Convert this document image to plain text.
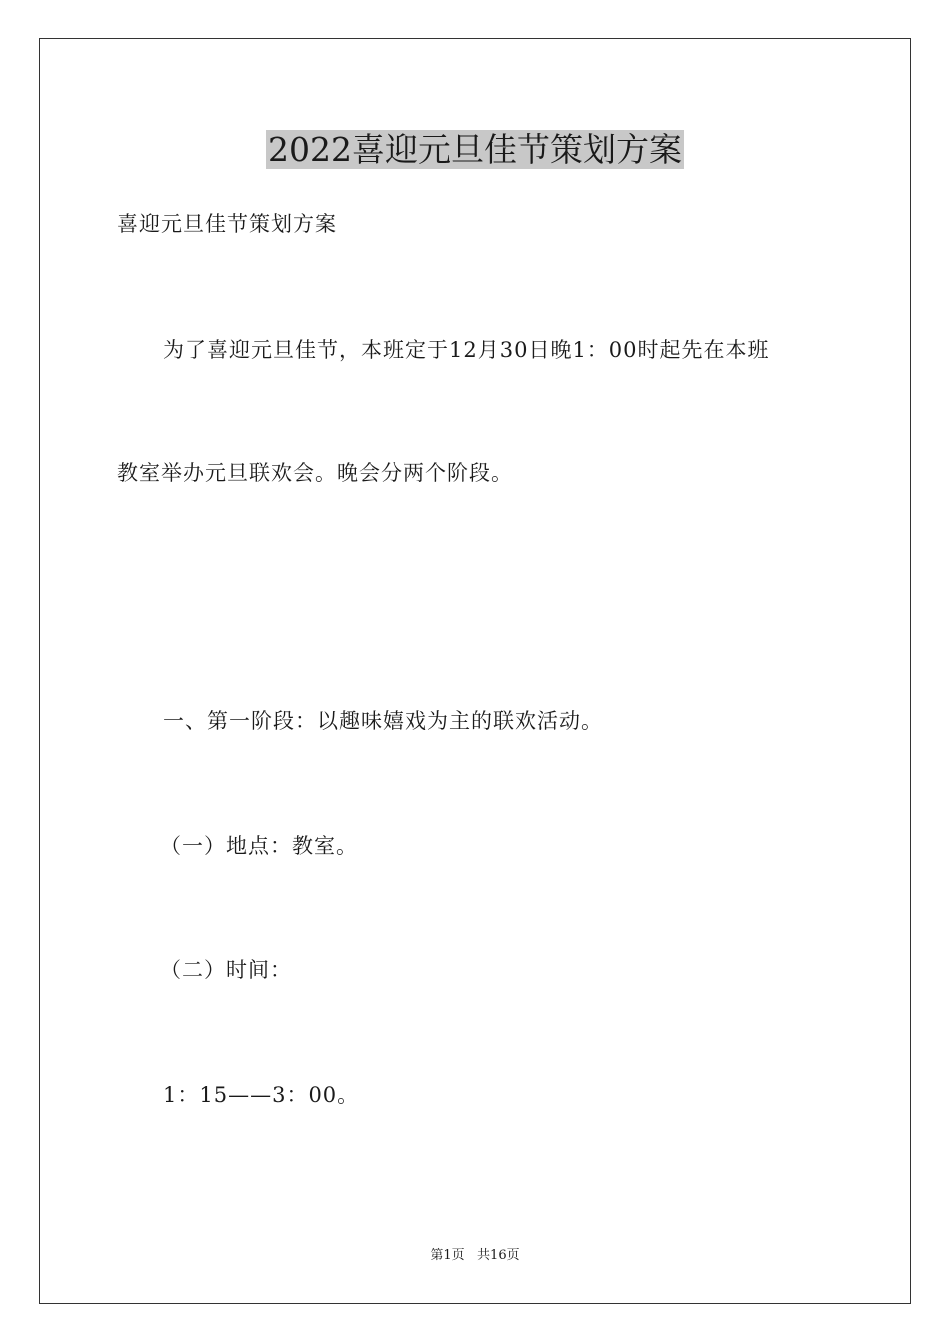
2022喜迎元旦佳节策划方案
喜迎元旦佳节策划方案
为了喜迎元旦佳节，本班定于12月30日晚1：00时起先在本班
教室举办元旦联欢会。晚会分两个阶段。
一、第一阶段：以趣味嬉戏为主的联欢活动。
（一）地点：教室。
（二）时间：
1：15——3：00。
第1页   共16页
